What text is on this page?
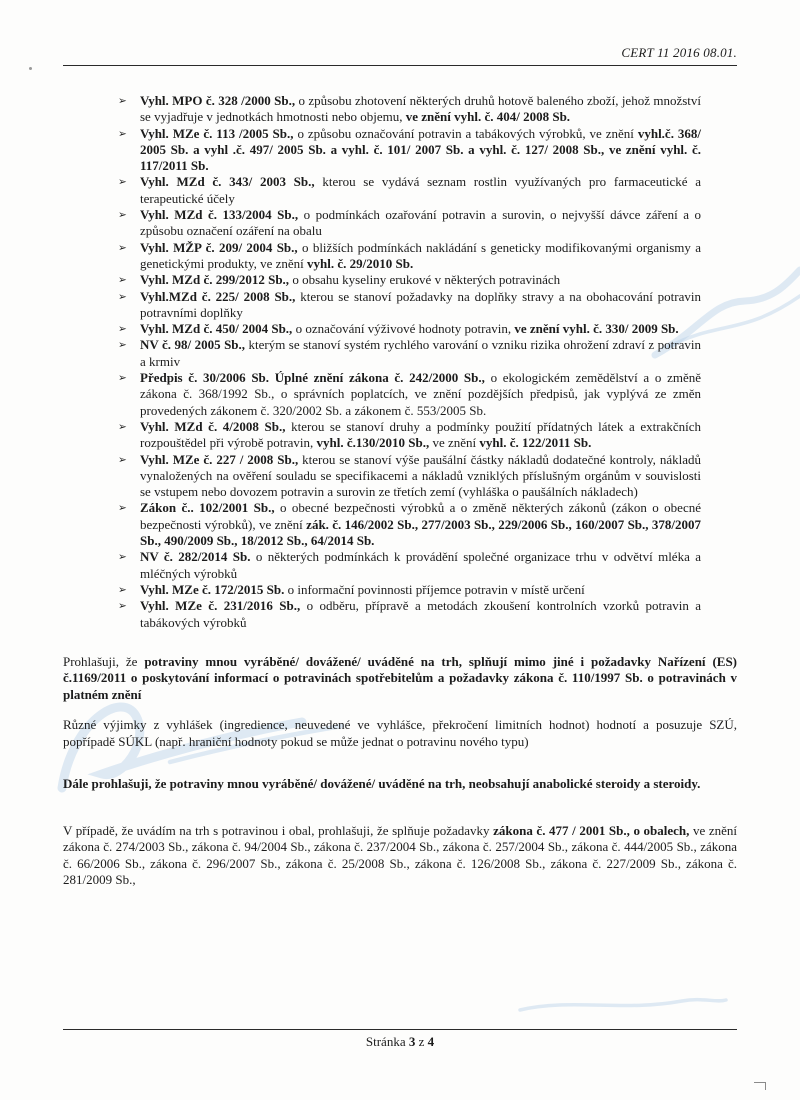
CERT 11 2016 08.01.
➢	Vyhl. MPO č. 328 /2000 Sb., o způsobu zhotovení některých druhů hotově baleného zboží, jehož množství se vyjadřuje v jednotkách hmotnosti nebo objemu, ve znění vyhl. č. 404/ 2008 Sb.
➢	Vyhl. MZe č. 113 /2005 Sb., o způsobu označování potravin a tabákových výrobků, ve znění vyhl.č. 368/ 2005 Sb. a vyhl .č. 497/ 2005 Sb. a vyhl. č. 101/ 2007 Sb. a vyhl. č. 127/ 2008 Sb., ve znění vyhl. č. 117/2011 Sb.
➢	Vyhl. MZd č. 343/ 2003 Sb., kterou se vydává seznam rostlin využívaných pro farmaceutické a terapeutické účely
➢	Vyhl. MZd č. 133/2004 Sb., o podmínkách ozařování potravin a surovin, o nejvyšší dávce záření a o způsobu označení ozáření na obalu
➢	Vyhl. MŽP č. 209/ 2004 Sb., o bližších podmínkách nakládání s geneticky modifikovanými organismy a genetickými produkty, ve znění vyhl. č. 29/2010 Sb.
➢	Vyhl. MZd č. 299/2012 Sb., o obsahu kyseliny erukové v některých potravinách
➢	Vyhl.MZd č. 225/ 2008 Sb., kterou se stanoví požadavky na doplňky stravy a na obohacování potravin potravními doplňky
➢	Vyhl. MZd č. 450/ 2004 Sb., o označování výživové hodnoty potravin, ve znění vyhl. č. 330/ 2009 Sb.
➢	NV č. 98/ 2005 Sb., kterým se stanoví systém rychlého varování o vzniku rizika ohrožení zdraví z potravin a krmiv
➢	Předpis č. 30/2006 Sb. Úplné znění zákona č. 242/2000 Sb., o ekologickém zemědělství a o změně zákona č. 368/1992 Sb., o správních poplatcích, ve znění pozdějších předpisů, jak vyplývá ze změn provedených zákonem č. 320/2002 Sb. a zákonem č. 553/2005 Sb.
➢	Vyhl. MZd č. 4/2008 Sb., kterou se stanoví druhy a podmínky použití přídatných látek a extrakčních rozpouštědel při výrobě potravin, vyhl. č.130/2010 Sb., ve znění vyhl. č. 122/2011 Sb.
➢	Vyhl. MZe č. 227 / 2008 Sb., kterou se stanoví výše paušální částky nákladů dodatečné kontroly, nákladů vynaložených na ověření souladu se specifikacemi a nákladů vzniklých příslušným orgánům v souvislosti se vstupem nebo dovozem potravin a surovin ze třetích zemí (vyhláška o paušálních nákladech)
➢	Zákon č.. 102/2001 Sb., o obecné bezpečnosti výrobků a o změně některých zákonů (zákon o obecné bezpečnosti výrobků), ve znění zák. č. 146/2002 Sb., 277/2003 Sb., 229/2006 Sb., 160/2007 Sb., 378/2007 Sb., 490/2009 Sb., 18/2012 Sb., 64/2014 Sb.
➢	NV č. 282/2014 Sb. o některých podmínkách k provádění společné organizace trhu v odvětví mléka a mléčných výrobků
➢	Vyhl. MZe č. 172/2015 Sb. o informační povinnosti příjemce potravin v místě určení
➢	Vyhl. MZe č. 231/2016 Sb., o odběru, přípravě a metodách zkoušení kontrolních vzorků potravin a tabákových výrobků

Prohlašuji, že potraviny mnou vyráběné/ dovážené/ uváděné na trh, splňují mimo jiné i požadavky Nařízení (ES) č.1169/2011 o poskytování informací o potravinách spotřebitelům a požadavky zákona č. 110/1997 Sb. o potravinách v platném znění

Různé výjimky z vyhlášek (ingredience, neuvedené ve vyhlášce, překročení limitních hodnot) hodnotí a posuzuje SZÚ, popřípadě SÚKL (např. hraniční hodnoty pokud se může jednat o potravinu nového typu)

Dále prohlašuji, že potraviny mnou vyráběné/ dovážené/ uváděné na trh, neobsahují anabolické steroidy a steroidy.

V případě, že uvádím na trh s potravinou i obal, prohlašuji, že splňuje požadavky zákona č. 477 / 2001 Sb., o obalech, ve znění zákona č. 274/2003 Sb., zákona č. 94/2004 Sb., zákona č. 237/2004 Sb., zákona č. 257/2004 Sb., zákona č. 444/2005 Sb., zákona č. 66/2006 Sb., zákona č. 296/2007 Sb., zákona č. 25/2008 Sb., zákona č. 126/2008 Sb., zákona č. 227/2009 Sb., zákona č. 281/2009 Sb.,

Stránka 3 z 4
